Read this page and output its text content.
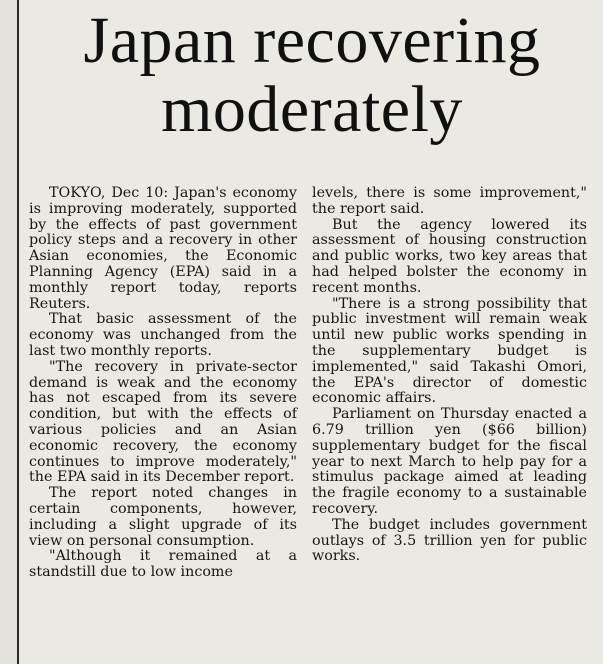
Japan recovering moderately

TOKYO, Dec 10: Japan's economy is improving moderately, supported by the effects of past government policy steps and a recovery in other Asian economies, the Economic Planning Agency (EPA) said in a monthly report today, reports Reuters.

That basic assessment of the economy was unchanged from the last two monthly reports.

"The recovery in private-sector demand is weak and the economy has not escaped from its severe condition, but with the effects of various policies and an Asian economic recovery, the economy continues to improve moderately," the EPA said in its December report.

The report noted changes in certain components, however, including a slight upgrade of its view on personal consumption.

"Although it remained at a standstill due to low income

levels, there is some improvement," the report said.

But the agency lowered its assessment of housing construction and public works, two key areas that had helped bolster the economy in recent months.

"There is a strong possibility that public investment will remain weak until new public works spending in the supplementary budget is implemented," said Takashi Omori, the EPA's director of domestic economic affairs.

Parliament on Thursday enacted a 6.79 trillion yen ($66 billion) supplementary budget for the fiscal year to next March to help pay for a stimulus package aimed at leading the fragile economy to a sustainable recovery.

The budget includes government outlays of 3.5 trillion yen for public works.
